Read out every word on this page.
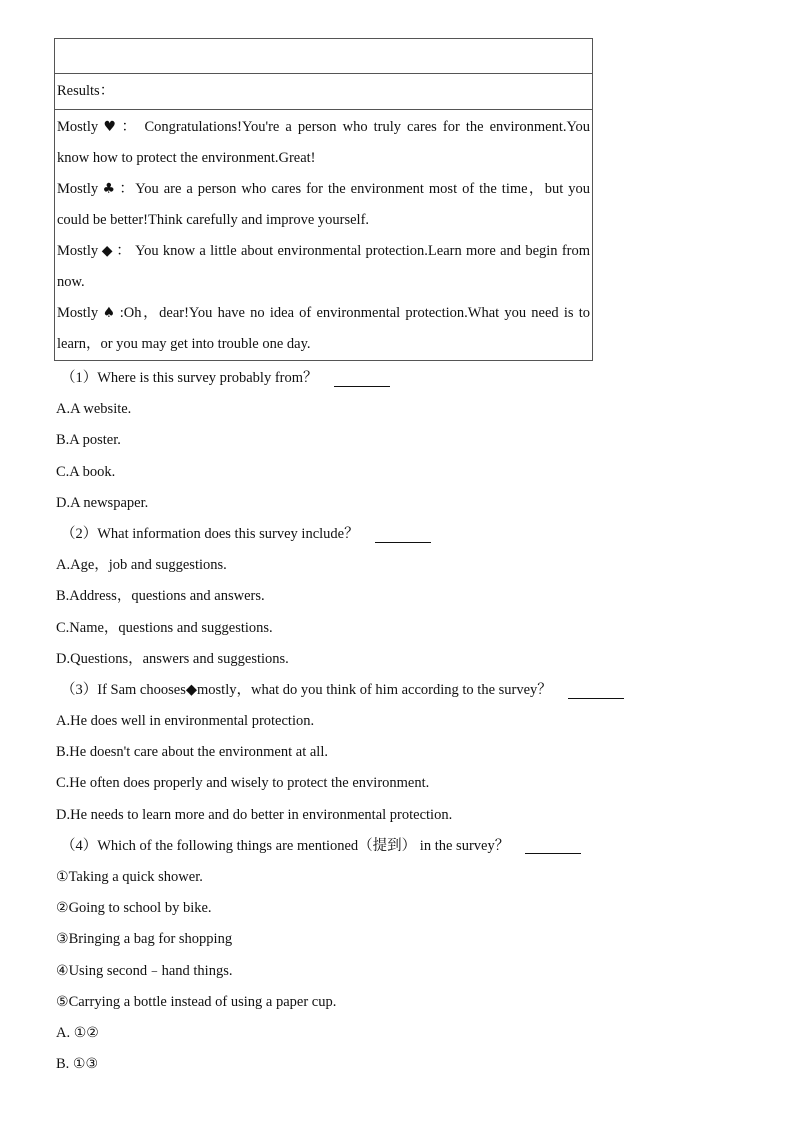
Results：

Mostly ♥ ： Congratulations!You're a person who truly cares for the environment.You know how to protect the environment.Great!

Mostly ♣ ：You are a person who cares for the environment most of the time，but you could be better!Think carefully and improve yourself.

Mostly ◆ ： You know a little about environmental protection.Learn more and begin from now.

Mostly ♠ :Oh，dear!You have no idea of environmental protection.What you need is to learn，or you may get into trouble one day.

（1）Where is this survey probably from？
A.A website.
B.A poster.
C.A book.
D.A newspaper.
（2）What information does this survey include？
A.Age，job and suggestions.
B.Address，questions and answers.
C.Name，questions and suggestions.
D.Questions，answers and suggestions.
（3）If Sam chooses◆mostly，what do you think of him according to the survey？
A.He does well in environmental protection.
B.He doesn't care about the environment at all.
C.He often does properly and wisely to protect the environment.
D.He needs to learn more and do better in environmental protection.
（4）Which of the following things are mentioned（提到） in the survey？
①Taking a quick shower.
②Going to school by bike.
③Bringing a bag for shopping
④Using second﹣hand things.
⑤Carrying a bottle instead of using a paper cup.
A. ①②
B. ①③
